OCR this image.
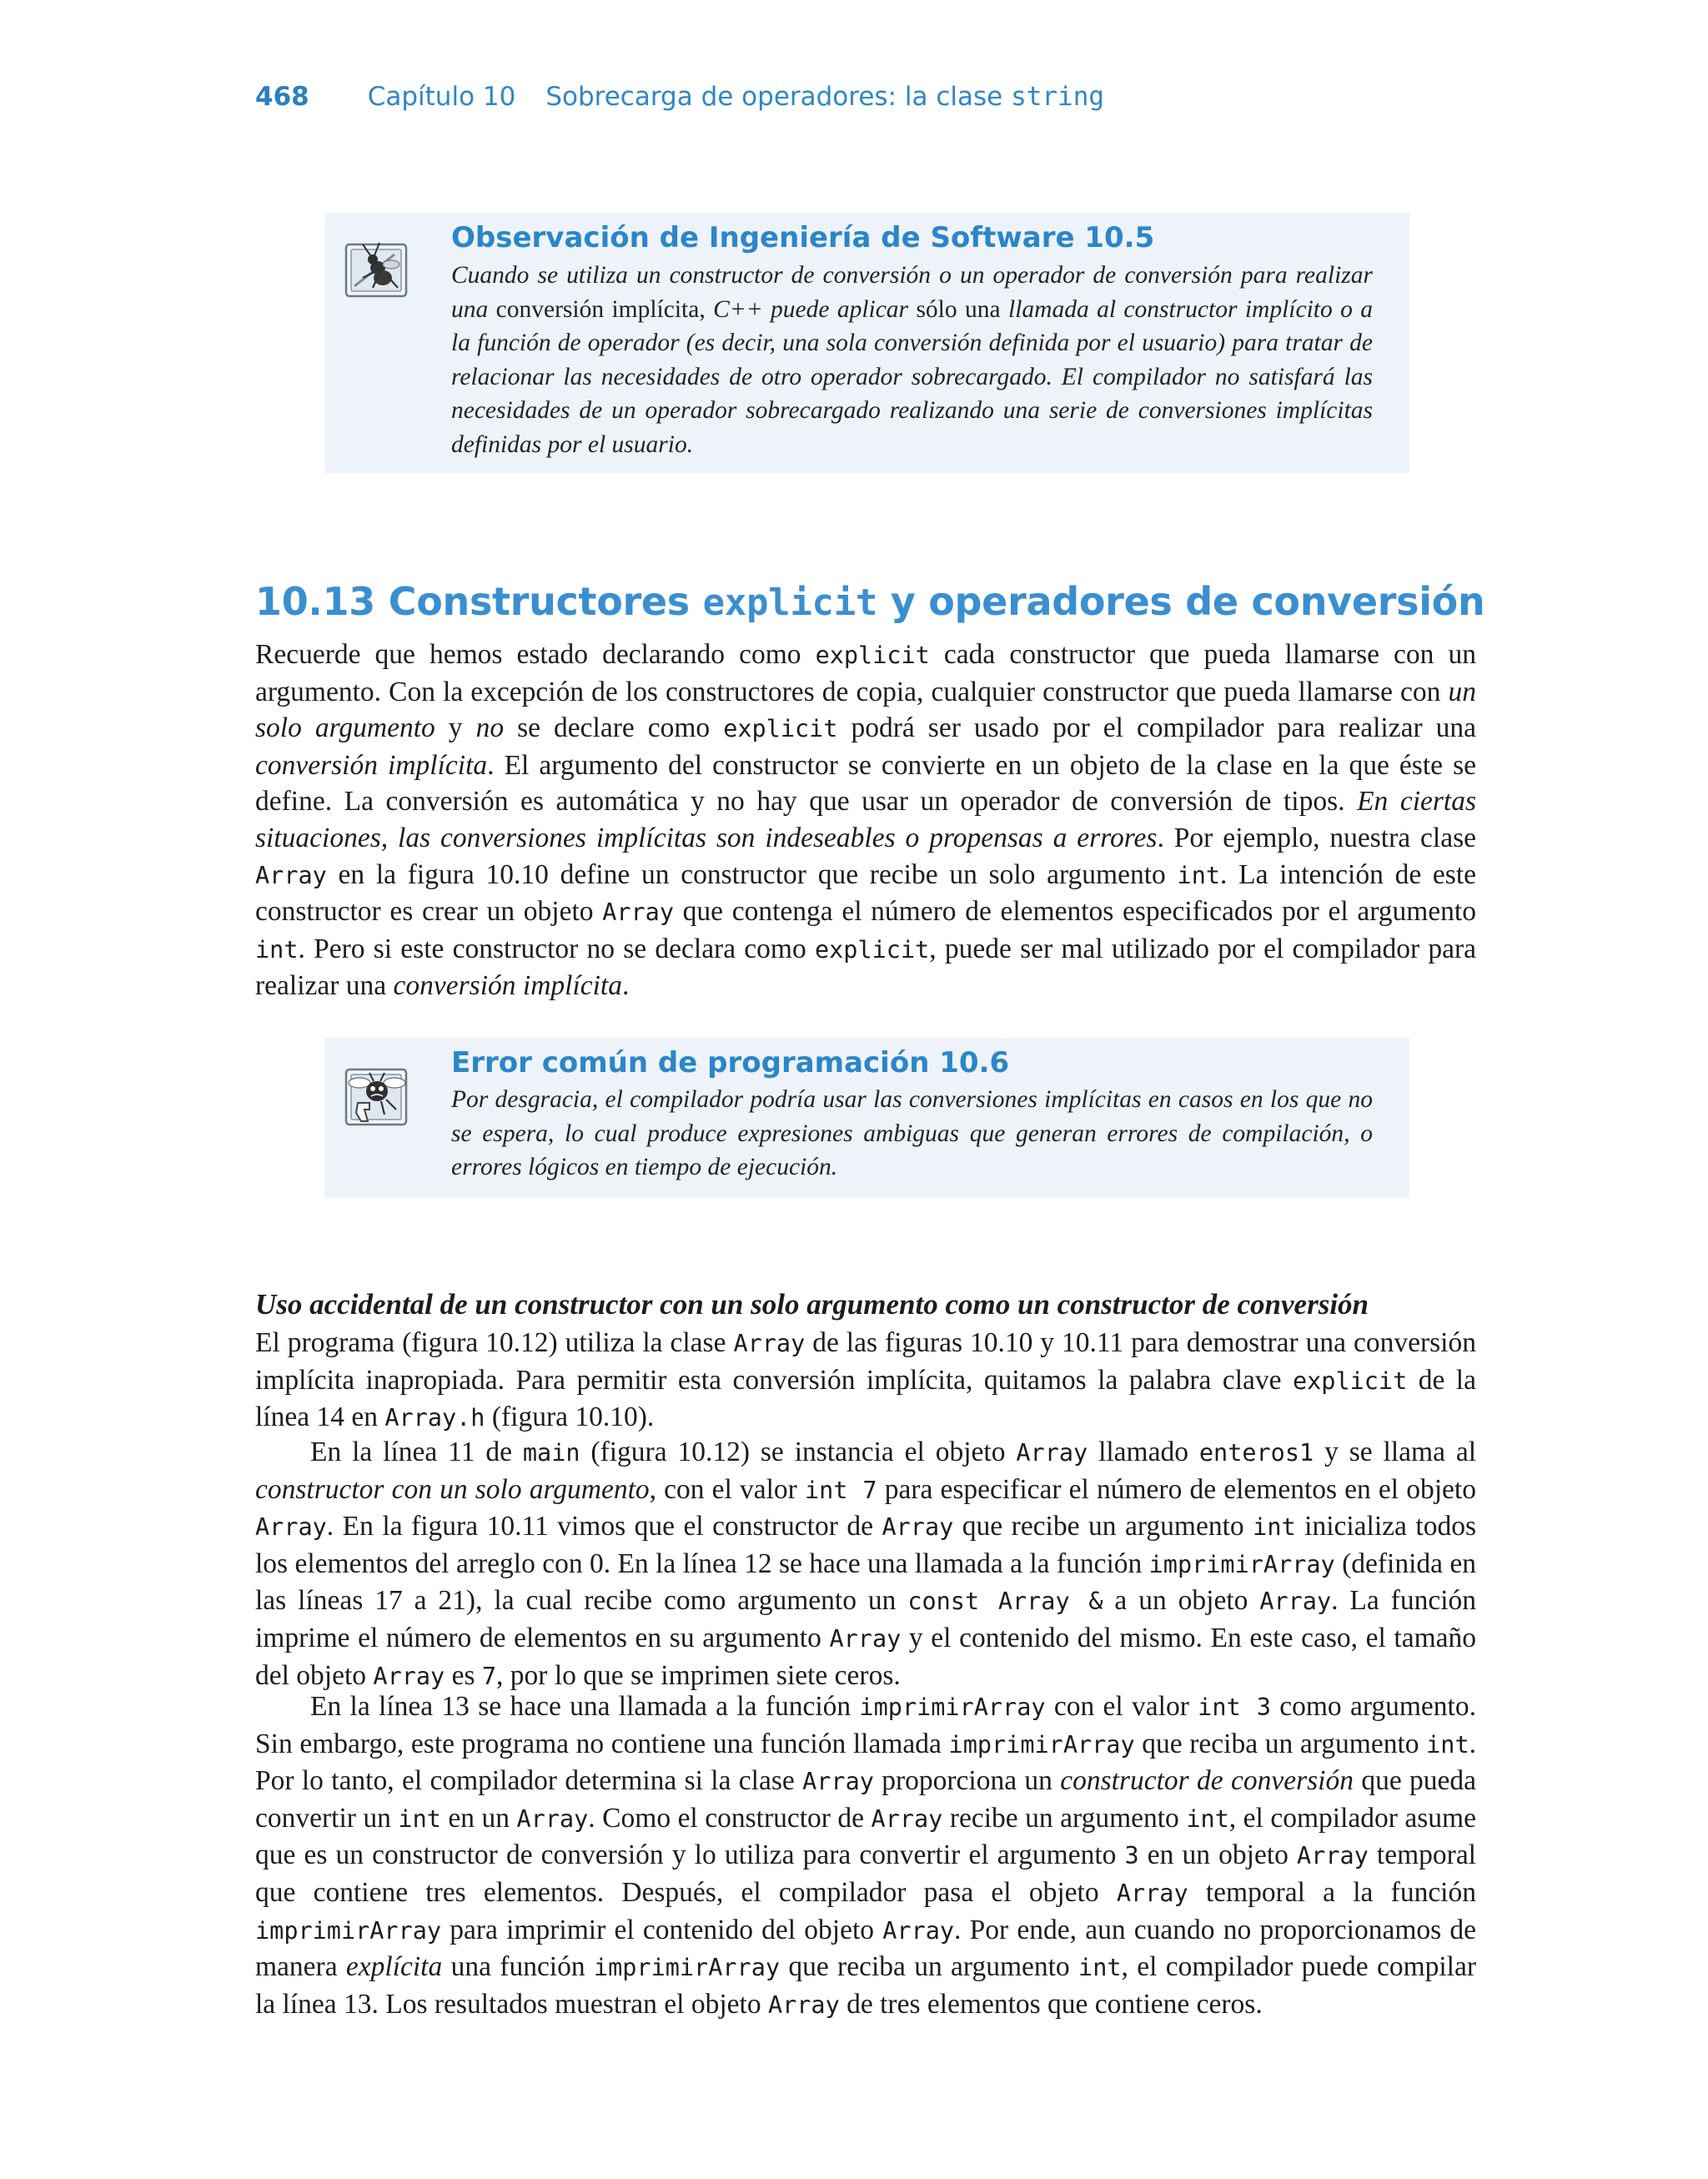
468 Capítulo 10 Sobrecarga de operadores: la clase string
Observación de Ingeniería de Software 10.5
Cuando se utiliza un constructor de conversión o un operador de conversión para realizar una conversión implícita, C++ puede aplicar sólo una llamada al constructor implícito o a la función de operador (es decir, una sola conversión definida por el usuario) para tratar de relacionar las necesidades de otro operador sobrecargado. El compilador no satisfará las necesidades de un operador sobrecargado realizando una serie de conversiones implícitas definidas por el usuario.
10.13 Constructores explicit y operadores de conversión
Recuerde que hemos estado declarando como explicit cada constructor que pueda llamarse con un argumento. Con la excepción de los constructores de copia, cualquier constructor que pueda llamarse con un solo argumento y no se declare como explicit podrá ser usado por el compilador para realizar una conversión implícita. El argumento del constructor se convierte en un objeto de la clase en la que éste se define. La conversión es automática y no hay que usar un operador de conversión de tipos. En ciertas situaciones, las conversiones implícitas son indeseables o propensas a errores. Por ejemplo, nuestra clase Array en la figura 10.10 define un constructor que recibe un solo argumento int. La intención de este constructor es crear un objeto Array que contenga el número de elementos especificados por el argumento int. Pero si este constructor no se declara como explicit, puede ser mal utilizado por el compilador para realizar una conversión implícita.
Error común de programación 10.6
Por desgracia, el compilador podría usar las conversiones implícitas en casos en los que no se espera, lo cual produce expresiones ambiguas que generan errores de compilación, o errores lógicos en tiempo de ejecución.
Uso accidental de un constructor con un solo argumento como un constructor de conversión
El programa (figura 10.12) utiliza la clase Array de las figuras 10.10 y 10.11 para demostrar una conversión implícita inapropiada. Para permitir esta conversión implícita, quitamos la palabra clave explicit de la línea 14 en Array.h (figura 10.10).
En la línea 11 de main (figura 10.12) se instancia el objeto Array llamado enteros1 y se llama al constructor con un solo argumento, con el valor int 7 para especificar el número de elementos en el objeto Array. En la figura 10.11 vimos que el constructor de Array que recibe un argumento int inicializa todos los elementos del arreglo con 0. En la línea 12 se hace una llamada a la función imprimirArray (definida en las líneas 17 a 21), la cual recibe como argumento un const Array & a un objeto Array. La función imprime el número de elementos en su argumento Array y el contenido del mismo. En este caso, el tamaño del objeto Array es 7, por lo que se imprimen siete ceros.
En la línea 13 se hace una llamada a la función imprimirArray con el valor int 3 como argumento. Sin embargo, este programa no contiene una función llamada imprimirArray que reciba un argumento int. Por lo tanto, el compilador determina si la clase Array proporciona un constructor de conversión que pueda convertir un int en un Array. Como el constructor de Array recibe un argumento int, el compilador asume que es un constructor de conversión y lo utiliza para convertir el argumento 3 en un objeto Array temporal que contiene tres elementos. Después, el compilador pasa el objeto Array temporal a la función imprimirArray para imprimir el contenido del objeto Array. Por ende, aun cuando no proporcionamos de manera explícita una función imprimirArray que reciba un argumento int, el compilador puede compilar la línea 13. Los resultados muestran el objeto Array de tres elementos que contiene ceros.
